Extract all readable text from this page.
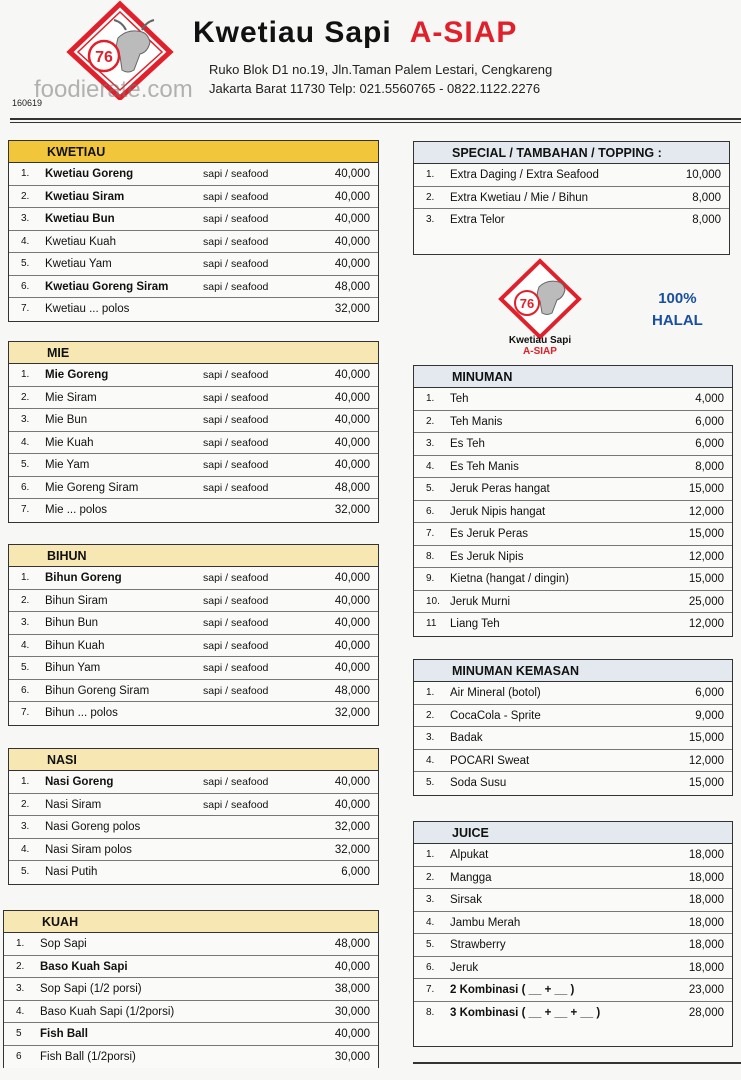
76
Kwetiau Sapi A-SIAP
Ruko Blok D1 no.19, Jln.Taman Palem Lestari, Cengkareng
Jakarta Barat 11730 Telp: 021.5560765 - 0822.1122.2276
foodierate.com
160619
KWETIAU
1. Kwetiau Goreng	sapi / seafood	40,000
2. Kwetiau Siram	sapi / seafood	40,000
3. Kwetiau Bun	sapi / seafood	40,000
4. Kwetiau Kuah	sapi / seafood	40,000
5. Kwetiau Yam	sapi / seafood	40,000
6. Kwetiau Goreng Siram	sapi / seafood	48,000
7. Kwetiau ... polos	32,000
MIE
1. Mie Goreng	sapi / seafood	40,000
2. Mie Siram	sapi / seafood	40,000
3. Mie Bun	sapi / seafood	40,000
4. Mie Kuah	sapi / seafood	40,000
5. Mie Yam	sapi / seafood	40,000
6. Mie Goreng Siram	sapi / seafood	48,000
7. Mie ... polos	32,000
BIHUN
1. Bihun Goreng	sapi / seafood	40,000
2. Bihun Siram	sapi / seafood	40,000
3. Bihun Bun	sapi / seafood	40,000
4. Bihun Kuah	sapi / seafood	40,000
5. Bihun Yam	sapi / seafood	40,000
6. Bihun Goreng Siram	sapi / seafood	48,000
7. Bihun ... polos	32,000
NASI
1. Nasi Goreng	sapi / seafood	40,000
2. Nasi Siram	sapi / seafood	40,000
3. Nasi Goreng polos	32,000
4. Nasi Siram polos	32,000
5. Nasi Putih	6,000
KUAH
1. Sop Sapi	48,000
2. Baso Kuah Sapi	40,000
3. Sop Sapi (1/2 porsi)	38,000
4. Baso Kuah Sapi (1/2porsi)	30,000
5 Fish Ball	40,000
6 Fish Ball (1/2porsi)	30,000
SPECIAL / TAMBAHAN / TOPPING :
1. Extra Daging / Extra Seafood	10,000
2. Extra Kwetiau / Mie / Bihun	8,000
3. Extra Telor	8,000
76
Kwetiau Sapi
A-SIAP
100%
HALAL
MINUMAN
1. Teh	4,000
2. Teh Manis	6,000
3. Es Teh	6,000
4. Es Teh Manis	8,000
5. Jeruk Peras hangat	15,000
6. Jeruk Nipis hangat	12,000
7. Es Jeruk Peras	15,000
8. Es Jeruk Nipis	12,000
9. Kietna (hangat / dingin)	15,000
10. Jeruk Murni	25,000
11 Liang Teh	12,000
MINUMAN KEMASAN
1. Air Mineral (botol)	6,000
2. CocaCola - Sprite	9,000
3. Badak	15,000
4. POCARI Sweat	12,000
5. Soda Susu	15,000
JUICE
1. Alpukat	18,000
2. Mangga	18,000
3. Sirsak	18,000
4. Jambu Merah	18,000
5. Strawberry	18,000
6. Jeruk	18,000
7. 2 Kombinasi ( __ + __ )	23,000
8. 3 Kombinasi ( __ + __ + __ )	28,000
